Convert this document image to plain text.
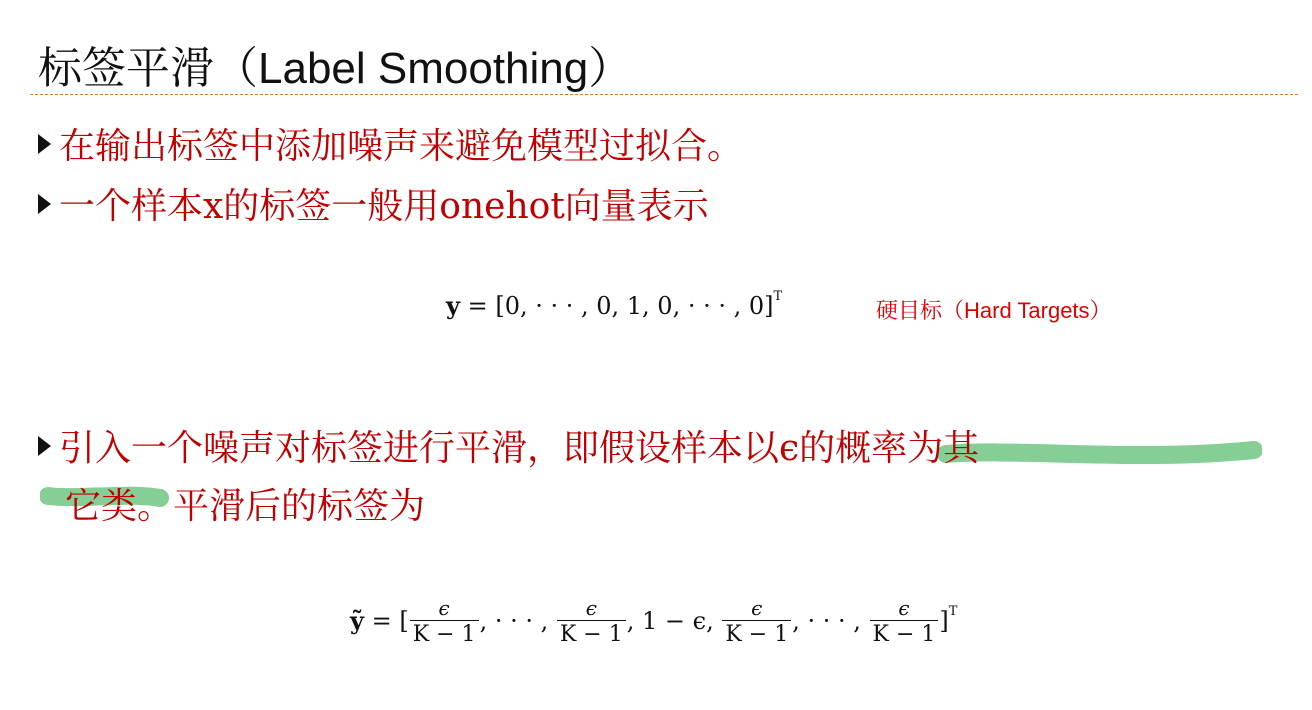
标签平滑（Label Smoothing）
在输出标签中添加噪声来避免模型过拟合。
一个样本x的标签一般用onehot向量表示
y = [0, · · · , 0, 1, 0, · · · , 0]$^T$
硬目标（Hard Targets）
引入一个噪声对标签进行平滑，即假设样本以ϵ的概率为其
它类。平滑后的标签为
ỹ = [ $\frac{\epsilon}{K - 1}$ , · · · , $\frac{\epsilon}{K - 1}$ , 1 − ϵ, $\frac{\epsilon}{K - 1}$ , · · · , $\frac{\epsilon}{K - 1} ]^T$
